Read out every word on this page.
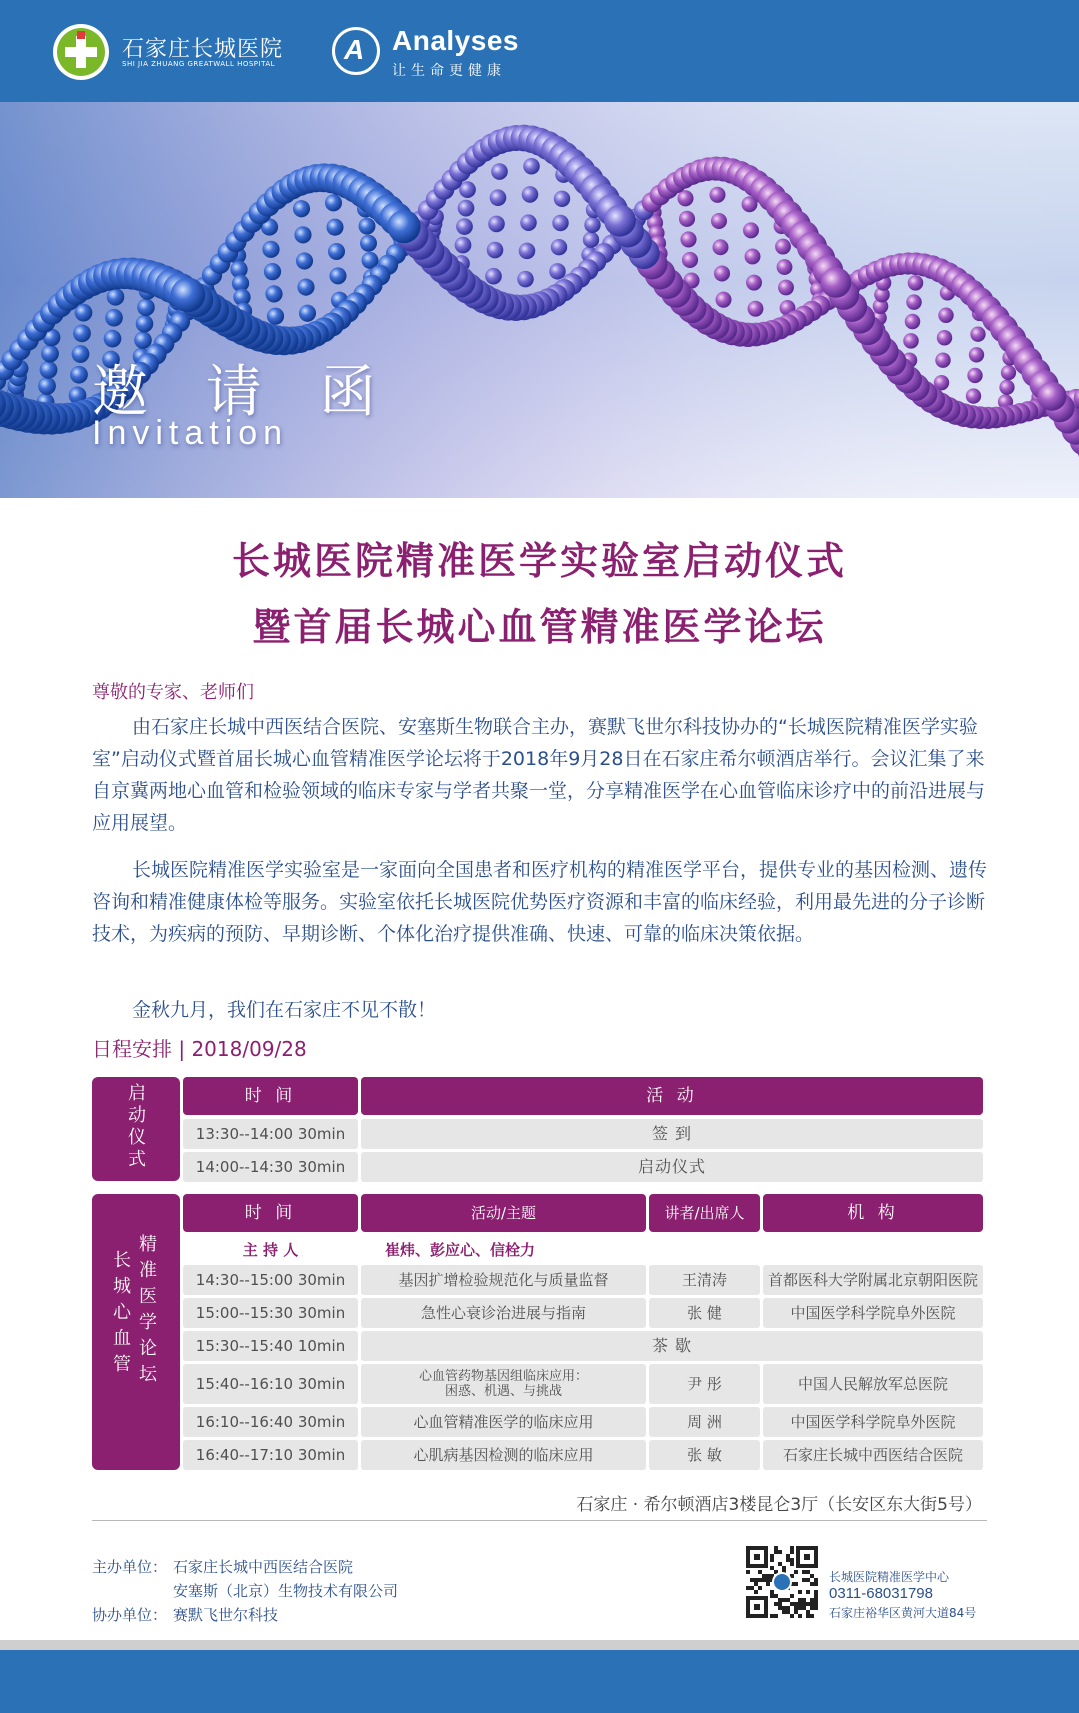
石家庄长城医院
SHI JIA ZHUANG GREATWALL HOSPITAL A Analyses
让生命更健康
邀 请 函
Invitation
长城医院精准医学实验室启动仪式
暨首届长城心血管精准医学论坛
尊敬的专家、老师们

由石家庄长城中西医结合医院、安塞斯生物联合主办，赛默飞世尔科技协办的“长城医院精准医学实验室”启动仪式暨首届长城心血管精准医学论坛将于2018年9月28日在石家庄希尔顿酒店举行。会议汇集了来自京冀两地心血管和检验领域的临床专家与学者共聚一堂，分享精准医学在心血管临床诊疗中的前沿进展与应用展望。

长城医院精准医学实验室是一家面向全国患者和医疗机构的精准医学平台，提供专业的基因检测、遗传咨询和精准健康体检等服务。实验室依托长城医院优势医疗资源和丰富的临床经验，利用最先进的分子诊断技术，为疾病的预防、早期诊断、个体化治疗提供准确、快速、可靠的临床决策依据。

金秋九月，我们在石家庄不见不散！

日程安排 | 2018/09/28
启
动
仪
式
时 间	活 动
13:30--14:00 30min	签 到
14:00--14:30 30min	启动仪式
长
城
心
血
管
精
准
医
学
论
坛
时 间	活动/主题	讲者/出席人	机 构
主 持 人	崔炜、彭应心、信栓力
14:30--15:00 30min	基因扩增检验规范化与质量监督	王清涛	首都医科大学附属北京朝阳医院
15:00--15:30 30min	急性心衰诊治进展与指南	张 健	中国医学科学院阜外医院
15:30--15:40 10min	茶 歇
15:40--16:10 30min	心血管药物基因组临床应用：
困惑、机遇、与挑战	尹 彤	中国人民解放军总医院
16:10--16:40 30min	心血管精准医学的临床应用	周 洲	中国医学科学院阜外医院
16:40--17:10 30min	心肌病基因检测的临床应用	张 敏	石家庄长城中西医结合医院
石家庄 · 希尔顿酒店3楼昆仑3厅（长安区东大街5号）
主办单位： 石家庄长城中西医结合医院
安塞斯（北京）生物技术有限公司
协办单位： 赛默飞世尔科技
长城医院精准医学中心
0311-68031798
石家庄裕华区黄河大道84号
